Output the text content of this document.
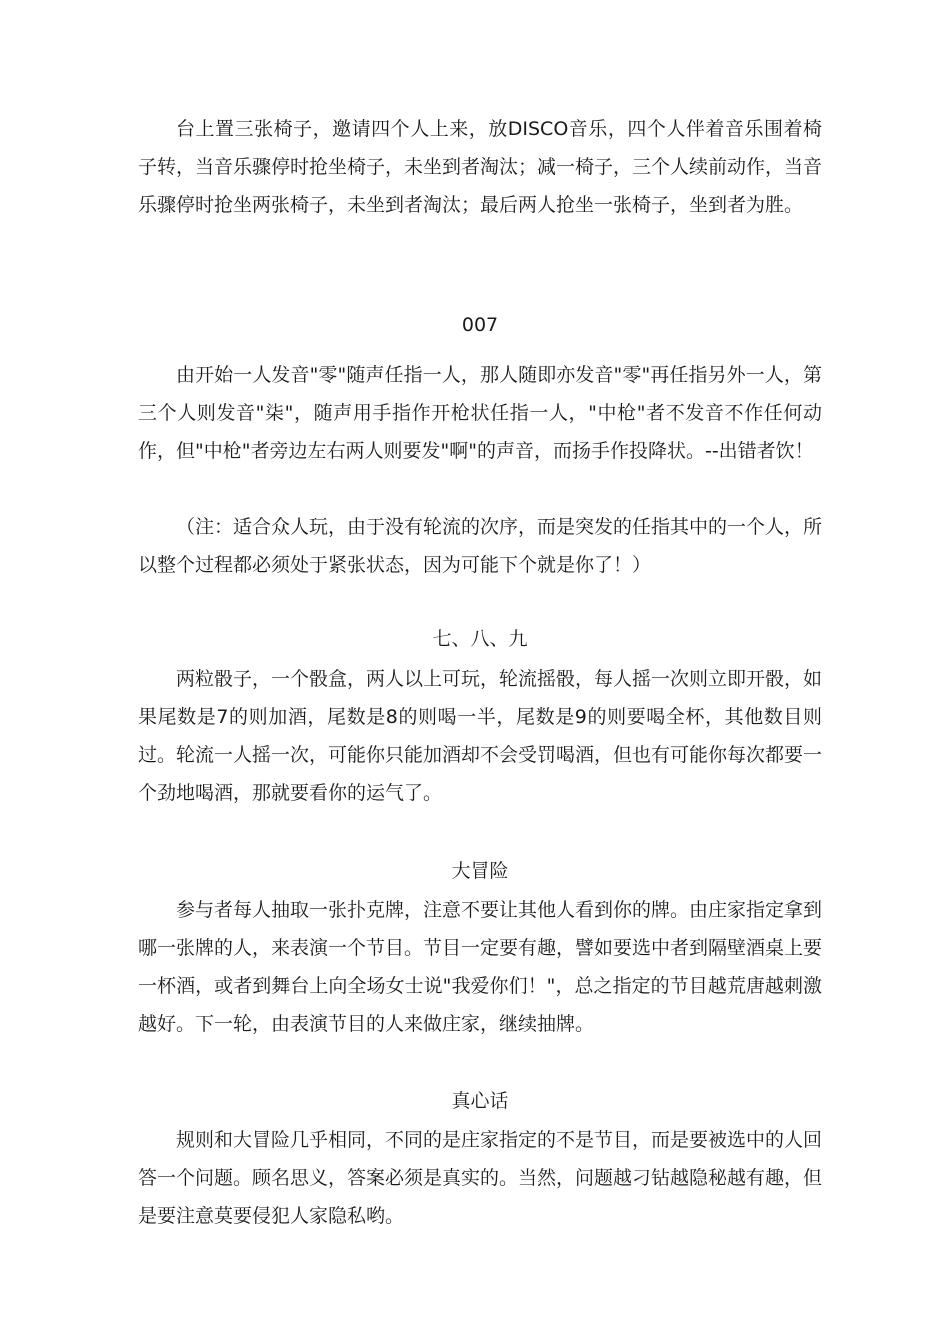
台上置三张椅子，邀请四个人上来，放DISCO音乐，四个人伴着音乐围着椅子转，当音乐骤停时抢坐椅子，未坐到者淘汰；减一椅子，三个人续前动作，当音乐骤停时抢坐两张椅子，未坐到者淘汰；最后两人抢坐一张椅子，坐到者为胜。

007

由开始一人发音"零"随声任指一人，那人随即亦发音"零"再任指另外一人，第三个人则发音"柒"，随声用手指作开枪状任指一人，"中枪"者不发音不作任何动作，但"中枪"者旁边左右两人则要发"啊"的声音，而扬手作投降状。--出错者饮！

（注：适合众人玩，由于没有轮流的次序，而是突发的任指其中的一个人，所以整个过程都必须处于紧张状态，因为可能下个就是你了！）

七、八、九

两粒骰子，一个骰盒，两人以上可玩，轮流摇骰，每人摇一次则立即开骰，如果尾数是7的则加酒，尾数是8的则喝一半，尾数是9的则要喝全杯，其他数目则过。轮流一人摇一次，可能你只能加酒却不会受罚喝酒，但也有可能你每次都要一个劲地喝酒，那就要看你的运气了。

大冒险

参与者每人抽取一张扑克牌，注意不要让其他人看到你的牌。由庄家指定拿到哪一张牌的人，来表演一个节目。节目一定要有趣，譬如要选中者到隔壁酒桌上要一杯酒，或者到舞台上向全场女士说"我爱你们！"，总之指定的节目越荒唐越刺激越好。下一轮，由表演节目的人来做庄家，继续抽牌。

真心话

规则和大冒险几乎相同，不同的是庄家指定的不是节目，而是要被选中的人回答一个问题。顾名思义，答案必须是真实的。当然，问题越刁钻越隐秘越有趣，但是要注意莫要侵犯人家隐私哟。
